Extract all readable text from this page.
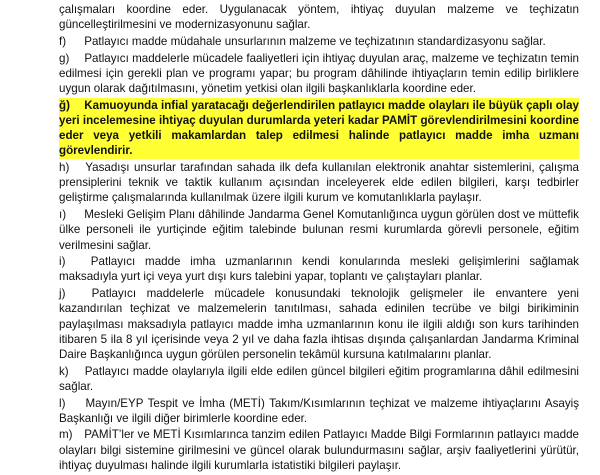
çalışmaları koordine eder. Uygulanacak yöntem, ihtiyaç duyulan malzeme ve teçhizatın güncelleştirilmesini ve modernizasyonunu sağlar.

f) Patlayıcı madde müdahale unsurlarının malzeme ve teçhizatının standardizasyonu sağlar.

g) Patlayıcı maddelerle mücadele faaliyetleri için ihtiyaç duyulan araç, malzeme ve teçhizatın temin edilmesi için gerekli plan ve programı yapar; bu program dâhilinde ihtiyaçların temin edilip birliklere uygun olarak dağıtılmasını, yönetim yetkisi olan ilgili başkanlıklarla koordine eder.

ğ) Kamuoyunda infial yaratacağı değerlendirilen patlayıcı madde olayları ile büyük çaplı olay yeri incelemesine ihtiyaç duyulan durumlarda yeteri kadar PAMİT görevlendirilmesini koordine eder veya yetkili makamlardan talep edilmesi halinde patlayıcı madde imha uzmanı görevlendirir.

h) Yasadışı unsurlar tarafından sahada ilk defa kullanılan elektronik anahtar sistemlerini, çalışma prensiplerini teknik ve taktik kullanım açısından inceleyerek elde edilen bilgileri, karşı tedbirler geliştirme çalışmalarında kullanılmak üzere ilgili kurum ve komutanlıklarla paylaşır.

ı) Mesleki Gelişim Planı dâhilinde Jandarma Genel Komutanlığınca uygun görülen dost ve müttefik ülke personeli ile yurtiçinde eğitim talebinde bulunan resmi kurumlarda görevli personele, eğitim verilmesini sağlar.

i) Patlayıcı madde imha uzmanlarının kendi konularında mesleki gelişimlerini sağlamak maksadıyla yurt içi veya yurt dışı kurs talebini yapar, toplantı ve çalıştayları planlar.

j) Patlayıcı maddelerle mücadele konusundaki teknolojik gelişmeler ile envantere yeni kazandırılan teçhizat ve malzemelerin tanıtılması, sahada edinilen tecrübe ve bilgi birikiminin paylaşılması maksadıyla patlayıcı madde imha uzmanlarının konu ile ilgili aldığı son kurs tarihinden itibaren 5 ila 8 yıl içerisinde veya 2 yıl ve daha fazla ihtisas dışında çalışanlardan Jandarma Kriminal Daire Başkanlığınca uygun görülen personelin tekâmül kursuna katılmalarını planlar.

k) Patlayıcı madde olaylarıyla ilgili elde edilen güncel bilgileri eğitim programlarına dâhil edilmesini sağlar.

l) Mayın/EYP Tespit ve İmha (METİ) Takım/Kısımlarının teçhizat ve malzeme ihtiyaçlarını Asayiş Başkanlığı ve ilgili diğer birimlerle koordine eder.

m) PAMİT’ler ve METİ Kısımlarınca tanzim edilen Patlayıcı Madde Bilgi Formlarının patlayıcı madde olayları bilgi sistemine girilmesini ve güncel olarak bulundurmasını sağlar, arşiv faaliyetlerini yürütür, ihtiyaç duyulması halinde ilgili kurumlarla istatistiki bilgileri paylaşır.
